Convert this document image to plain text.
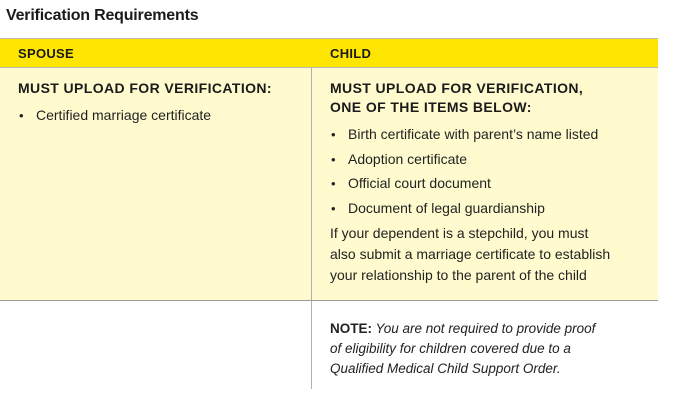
Verification Requirements
SPOUSE	CHILD
MUST UPLOAD FOR VERIFICATION:
• Certified marriage certificate
MUST UPLOAD FOR VERIFICATION,
ONE OF THE ITEMS BELOW:
• Birth certificate with parent’s name listed
• Adoption certificate
• Official court document
• Document of legal guardianship
If your dependent is a stepchild, you must
also submit a marriage certificate to establish
your relationship to the parent of the child
NOTE: You are not required to provide proof
of eligibility for children covered due to a
Qualified Medical Child Support Order.
